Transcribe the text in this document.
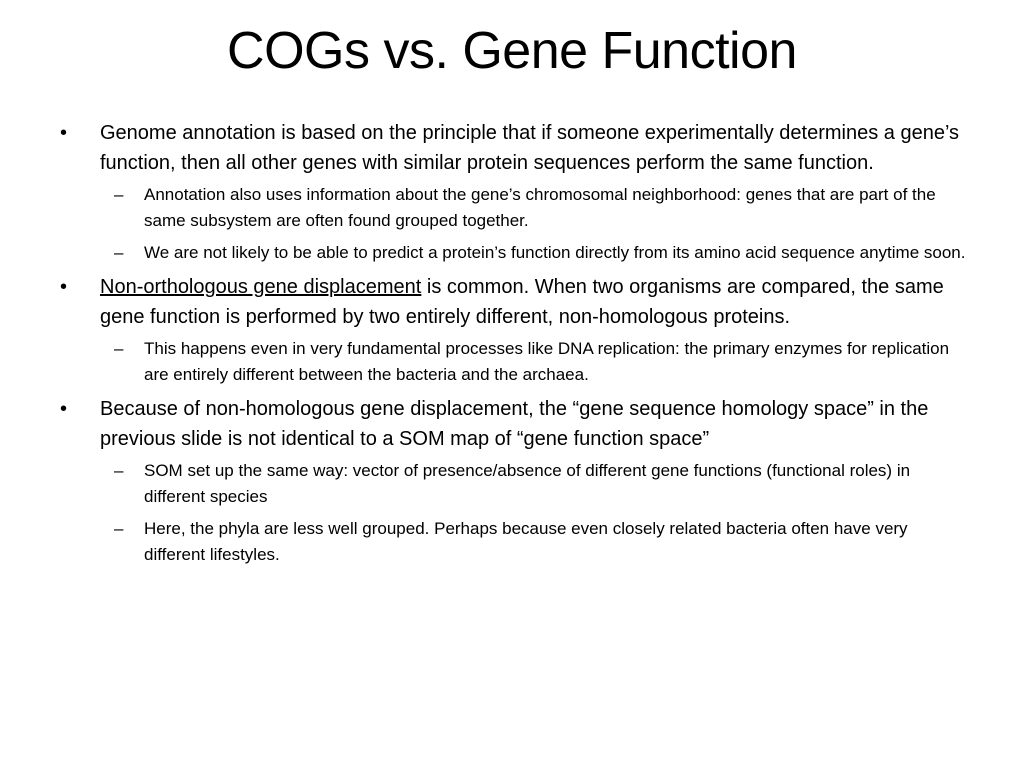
COGs vs. Gene Function
•	Genome annotation is based on the principle that if someone experimentally determines a gene’s function, then all other genes with similar protein sequences perform the same function.
– Annotation also uses information about the gene’s chromosomal neighborhood: genes that are part of the same subsystem are often found grouped together.
– We are not likely to be able to predict a protein’s function directly from its amino acid sequence anytime soon.
•	Non-orthologous gene displacement is common. When two organisms are compared, the same gene function is performed by two entirely different, non-homologous proteins.
– This happens even in very fundamental processes like DNA replication: the primary enzymes for replication are entirely different between the bacteria and the archaea.
•	Because of non-homologous gene displacement, the “gene sequence homology space” in the previous slide is not identical to a SOM map of “gene function space”
– SOM set up the same way: vector of presence/absence of different gene functions (functional roles) in different species
– Here, the phyla are less well grouped. Perhaps because even closely related bacteria often have very different lifestyles.
